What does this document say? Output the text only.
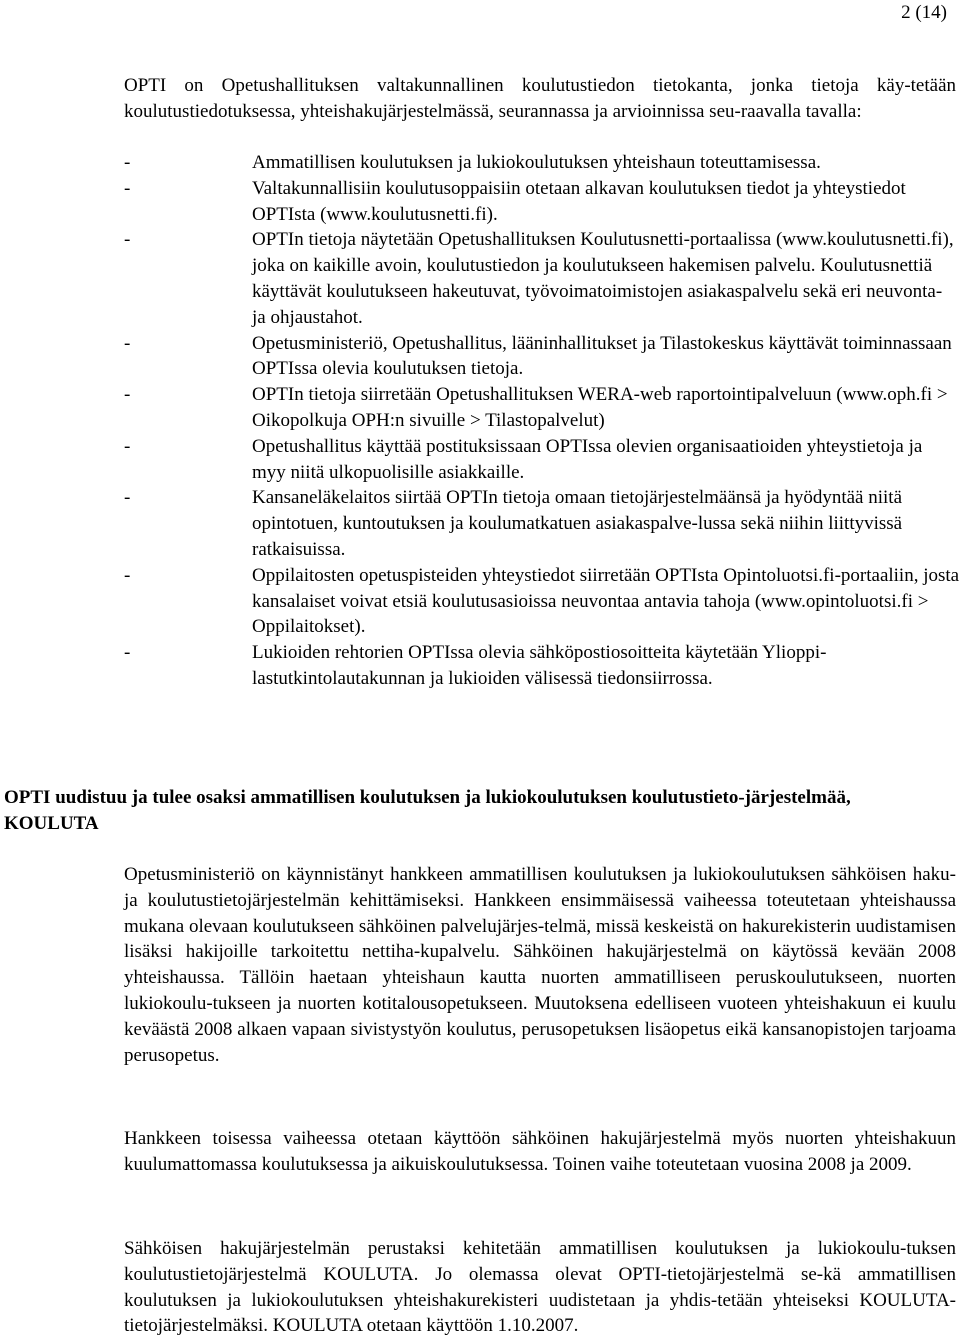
2 (14)

OPTI on Opetushallituksen valtakunnallinen koulutustiedon tietokanta, jonka tietoja käy-tetään koulutustiedotuksessa, yhteishakujärjestelmässä, seurannassa ja arvioinnissa seu-raavalla tavalla:

-	Ammatillisen koulutuksen ja lukiokoulutuksen yhteishaun toteuttamisessa.
-	Valtakunnallisiin koulutusoppaisiin otetaan alkavan koulutuksen tiedot ja yhteystiedot OPTIsta (www.koulutusnetti.fi).
-	OPTIn tietoja näytetään Opetushallituksen Koulutusnetti-portaalissa (www.koulutusnetti.fi), joka on kaikille avoin, koulutustiedon ja koulutukseen hakemisen palvelu. Koulutusnettiä käyttävät koulutukseen hakeutuvat, työvoimatoimistojen asiakaspalvelu sekä eri neuvonta- ja ohjaustahot.
-	Opetusministeriö, Opetushallitus, lääninhallitukset ja Tilastokeskus käyttävät toiminnassaan OPTIssa olevia koulutuksen tietoja.
-	OPTIn tietoja siirretään Opetushallituksen WERA-web raportointipalveluun (www.oph.fi > Oikopolkuja OPH:n sivuille > Tilastopalvelut)
-	Opetushallitus käyttää postituksissaan OPTIssa olevien organisaatioiden yhteystietoja ja myy niitä ulkopuolisille asiakkaille.
-	Kansaneläkelaitos siirtää OPTIn tietoja omaan tietojärjestelmäänsä ja hyödyntää niitä opintotuen, kuntoutuksen ja koulumatkatuen asiakaspalve-lussa sekä niihin liittyvissä ratkaisuissa.
-	Oppilaitosten opetuspisteiden yhteystiedot siirretään OPTIsta Opintoluotsi.fi-portaaliin, josta kansalaiset voivat etsiä koulutusasioissa neuvontaa antavia tahoja (www.opintoluotsi.fi > Oppilaitokset).
-	Lukioiden rehtorien OPTIssa olevia sähköpostiosoitteita käytetään Ylioppi-lastutkintolautakunnan ja lukioiden välisessä tiedonsiirrossa.
OPTI uudistuu ja tulee osaksi ammatillisen koulutuksen ja lukiokoulutuksen koulutustieto-järjestelmää, KOULUTA

Opetusministeriö on käynnistänyt hankkeen ammatillisen koulutuksen ja lukiokoulutuksen sähköisen haku- ja koulutustietojärjestelmän kehittämiseksi. Hankkeen ensimmäisessä vaiheessa toteutetaan yhteishaussa mukana olevaan koulutukseen sähköinen palvelujärjes-telmä, missä keskeistä on hakurekisterin uudistamisen lisäksi hakijoille tarkoitettu nettiha-kupalvelu. Sähköinen hakujärjestelmä on käytössä kevään 2008 yhteishaussa. Tällöin haetaan yhteishaun kautta nuorten ammatilliseen peruskoulutukseen, nuorten lukiokoulu-tukseen ja nuorten kotitalousopetukseen. Muutoksena edelliseen vuoteen yhteishakuun ei kuulu keväästä 2008 alkaen vapaan sivistystyön koulutus, perusopetuksen lisäopetus eikä kansanopistojen tarjoama perusopetus.

Hankkeen toisessa vaiheessa otetaan käyttöön sähköinen hakujärjestelmä myös nuorten yhteishakuun kuulumattomassa koulutuksessa ja aikuiskoulutuksessa. Toinen vaihe toteutetaan vuosina 2008 ja 2009.

Sähköisen hakujärjestelmän perustaksi kehitetään ammatillisen koulutuksen ja lukiokoulu-tuksen koulutustietojärjestelmä KOULUTA. Jo olemassa olevat OPTI-tietojärjestelmä se-kä ammatillisen koulutuksen ja lukiokoulutuksen yhteishakurekisteri uudistetaan ja yhdis-tetään yhteiseksi KOULUTA-tietojärjestelmäksi. KOULUTA otetaan käyttöön 1.10.2007.
